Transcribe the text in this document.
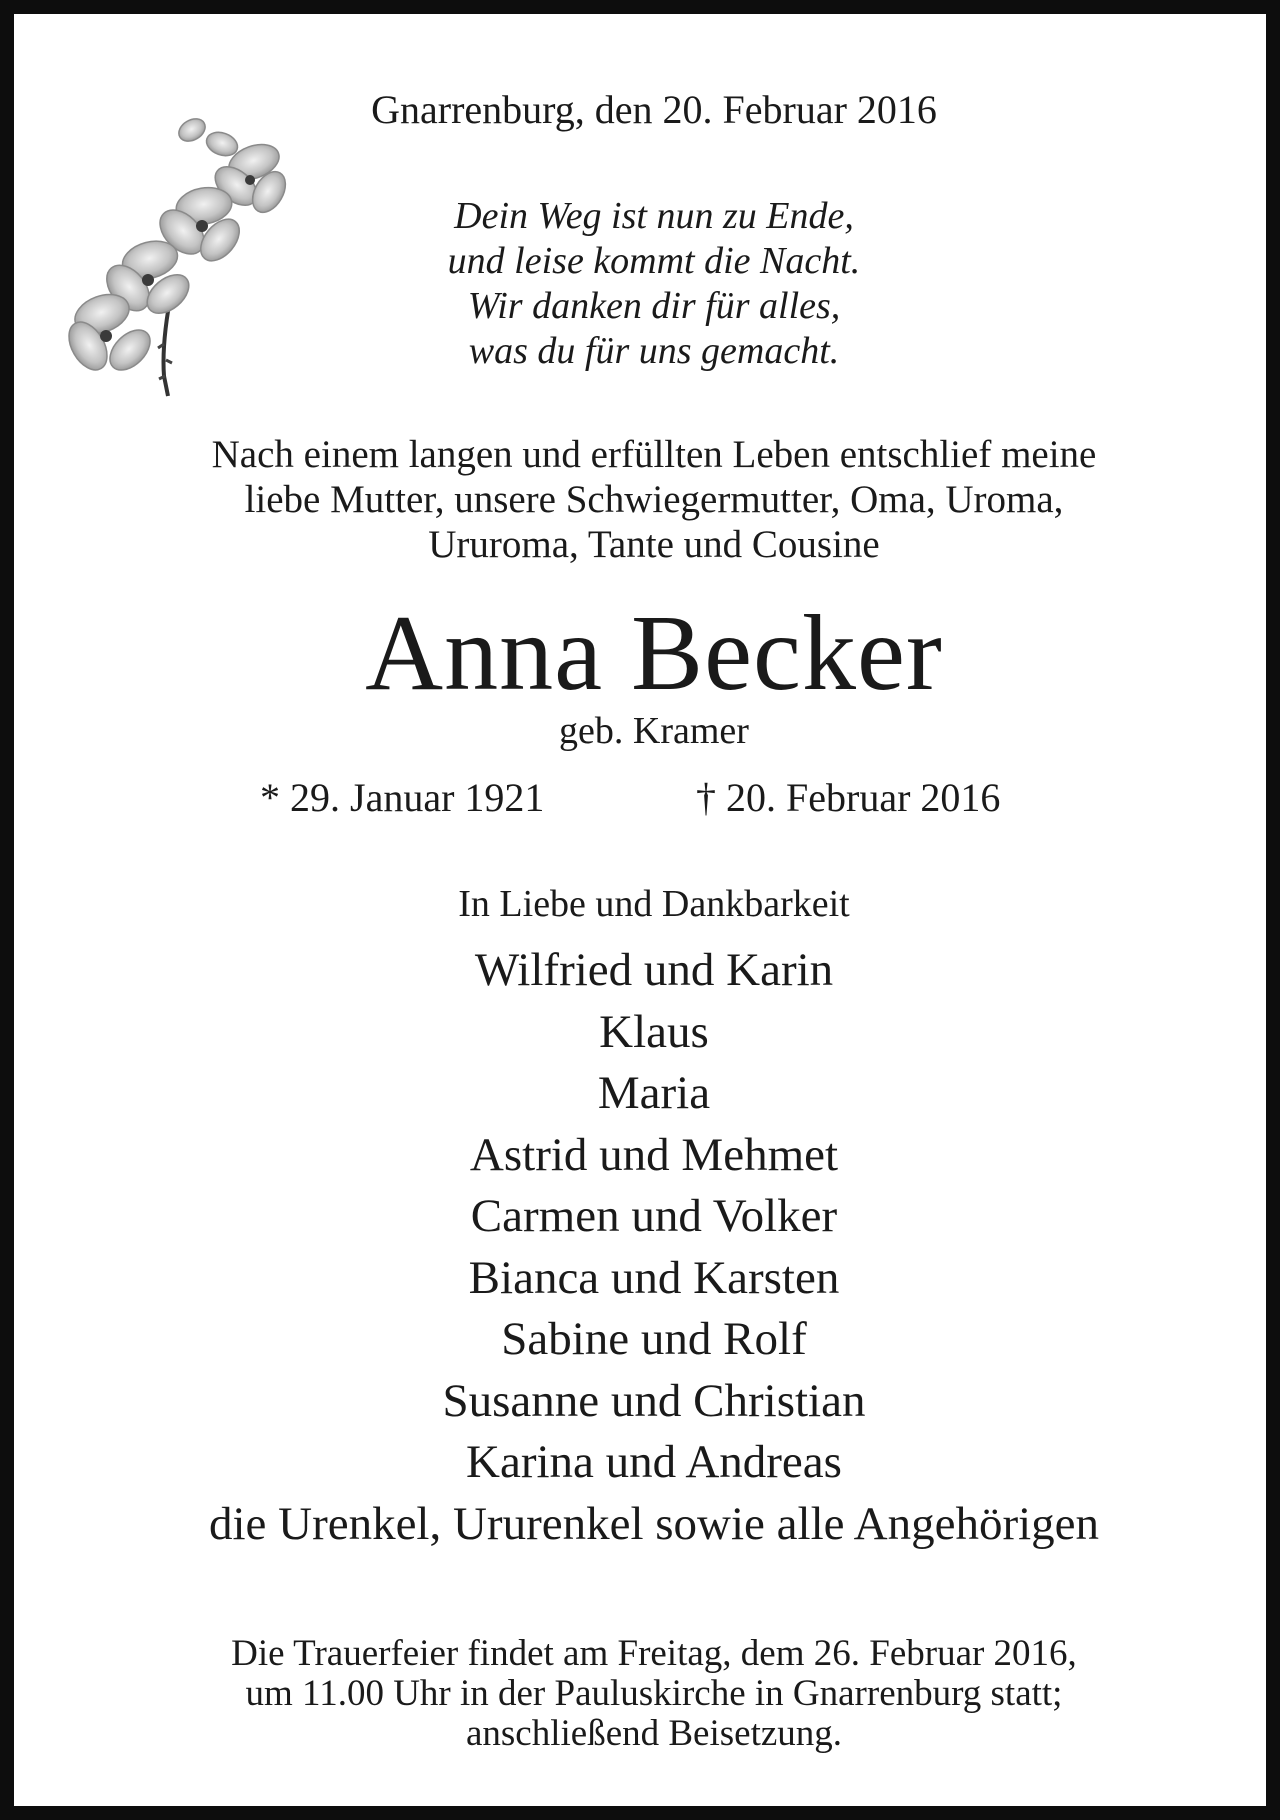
Gnarrenburg, den 20. Februar 2016

Dein Weg ist nun zu Ende,
und leise kommt die Nacht.
Wir danken dir für alles,
was du für uns gemacht.
Nach einem langen und erfüllten Leben entschlief meine
liebe Mutter, unsere Schwiegermutter, Oma, Uroma,
Ururoma, Tante und Cousine

Anna Becker

geb. Kramer

* 29. Januar 1921	† 20. Februar 2016

In Liebe und Dankbarkeit

Wilfried und Karin
Klaus
Maria
Astrid und Mehmet
Carmen und Volker
Bianca und Karsten
Sabine und Rolf
Susanne und Christian
Karina und Andreas
die Urenkel, Ururenkel sowie alle Angehörigen
Die Trauerfeier findet am Freitag, dem 26. Februar 2016,
um 11.00 Uhr in der Pauluskirche in Gnarrenburg statt;
anschließend Beisetzung.
